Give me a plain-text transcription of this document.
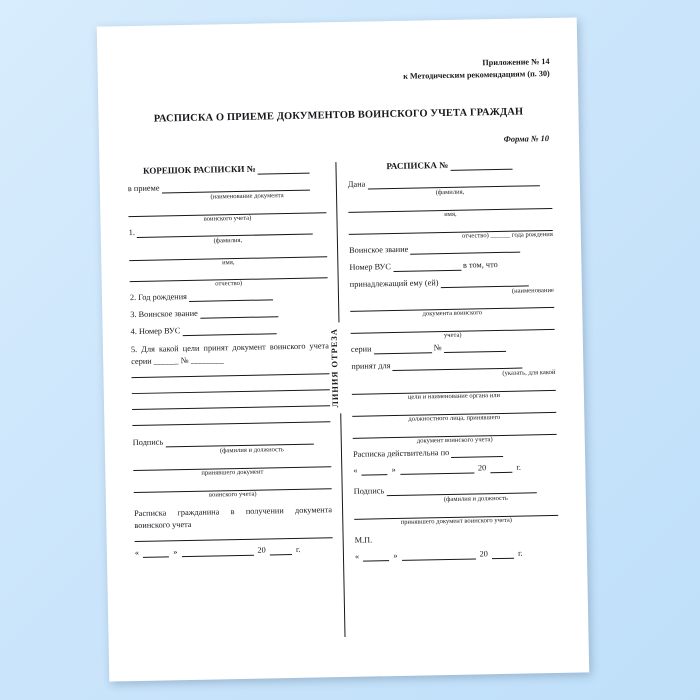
Приложение № 14
к Методическим рекомендациям (п. 30)
РАСПИСКА О ПРИЕМЕ ДОКУМЕНТОВ ВОИНСКОГО УЧЕТА ГРАЖДАН
Форма № 10
ЛИНИЯ ОТРЕЗА
КОРЕШОК РАСПИСКИ №
в приеме
(наименование документа
воинского учета)
1.
(фамилия,
имя,
отчество)
2. Год рождения
3. Воинское звание
4. Номер ВУС
5. Для какой цели принят документ воинского учета серии ______ № ________
Подпись
(фамилия и должность
принявшего документ
воинского учета)
Расписка гражданина в получении документа воинского учета
«	»	20	г.
РАСПИСКА №
Дана
(фамилия,
имя,
отчество) ______ года рождения
Воинское звание
Номер ВУС	в том, что
принадлежащий ему (ей)
(наименование
документа воинского
учета)
серии	№
принят для
(указать, для какой
цели и наименование органа или
должностного лица, принявшего
документ воинского учета)
Расписка действительна по
«	»	20	г.
Подпись
(фамилия и должность
принявшего документ воинского учета)
М.П.
«	»	20	г.
